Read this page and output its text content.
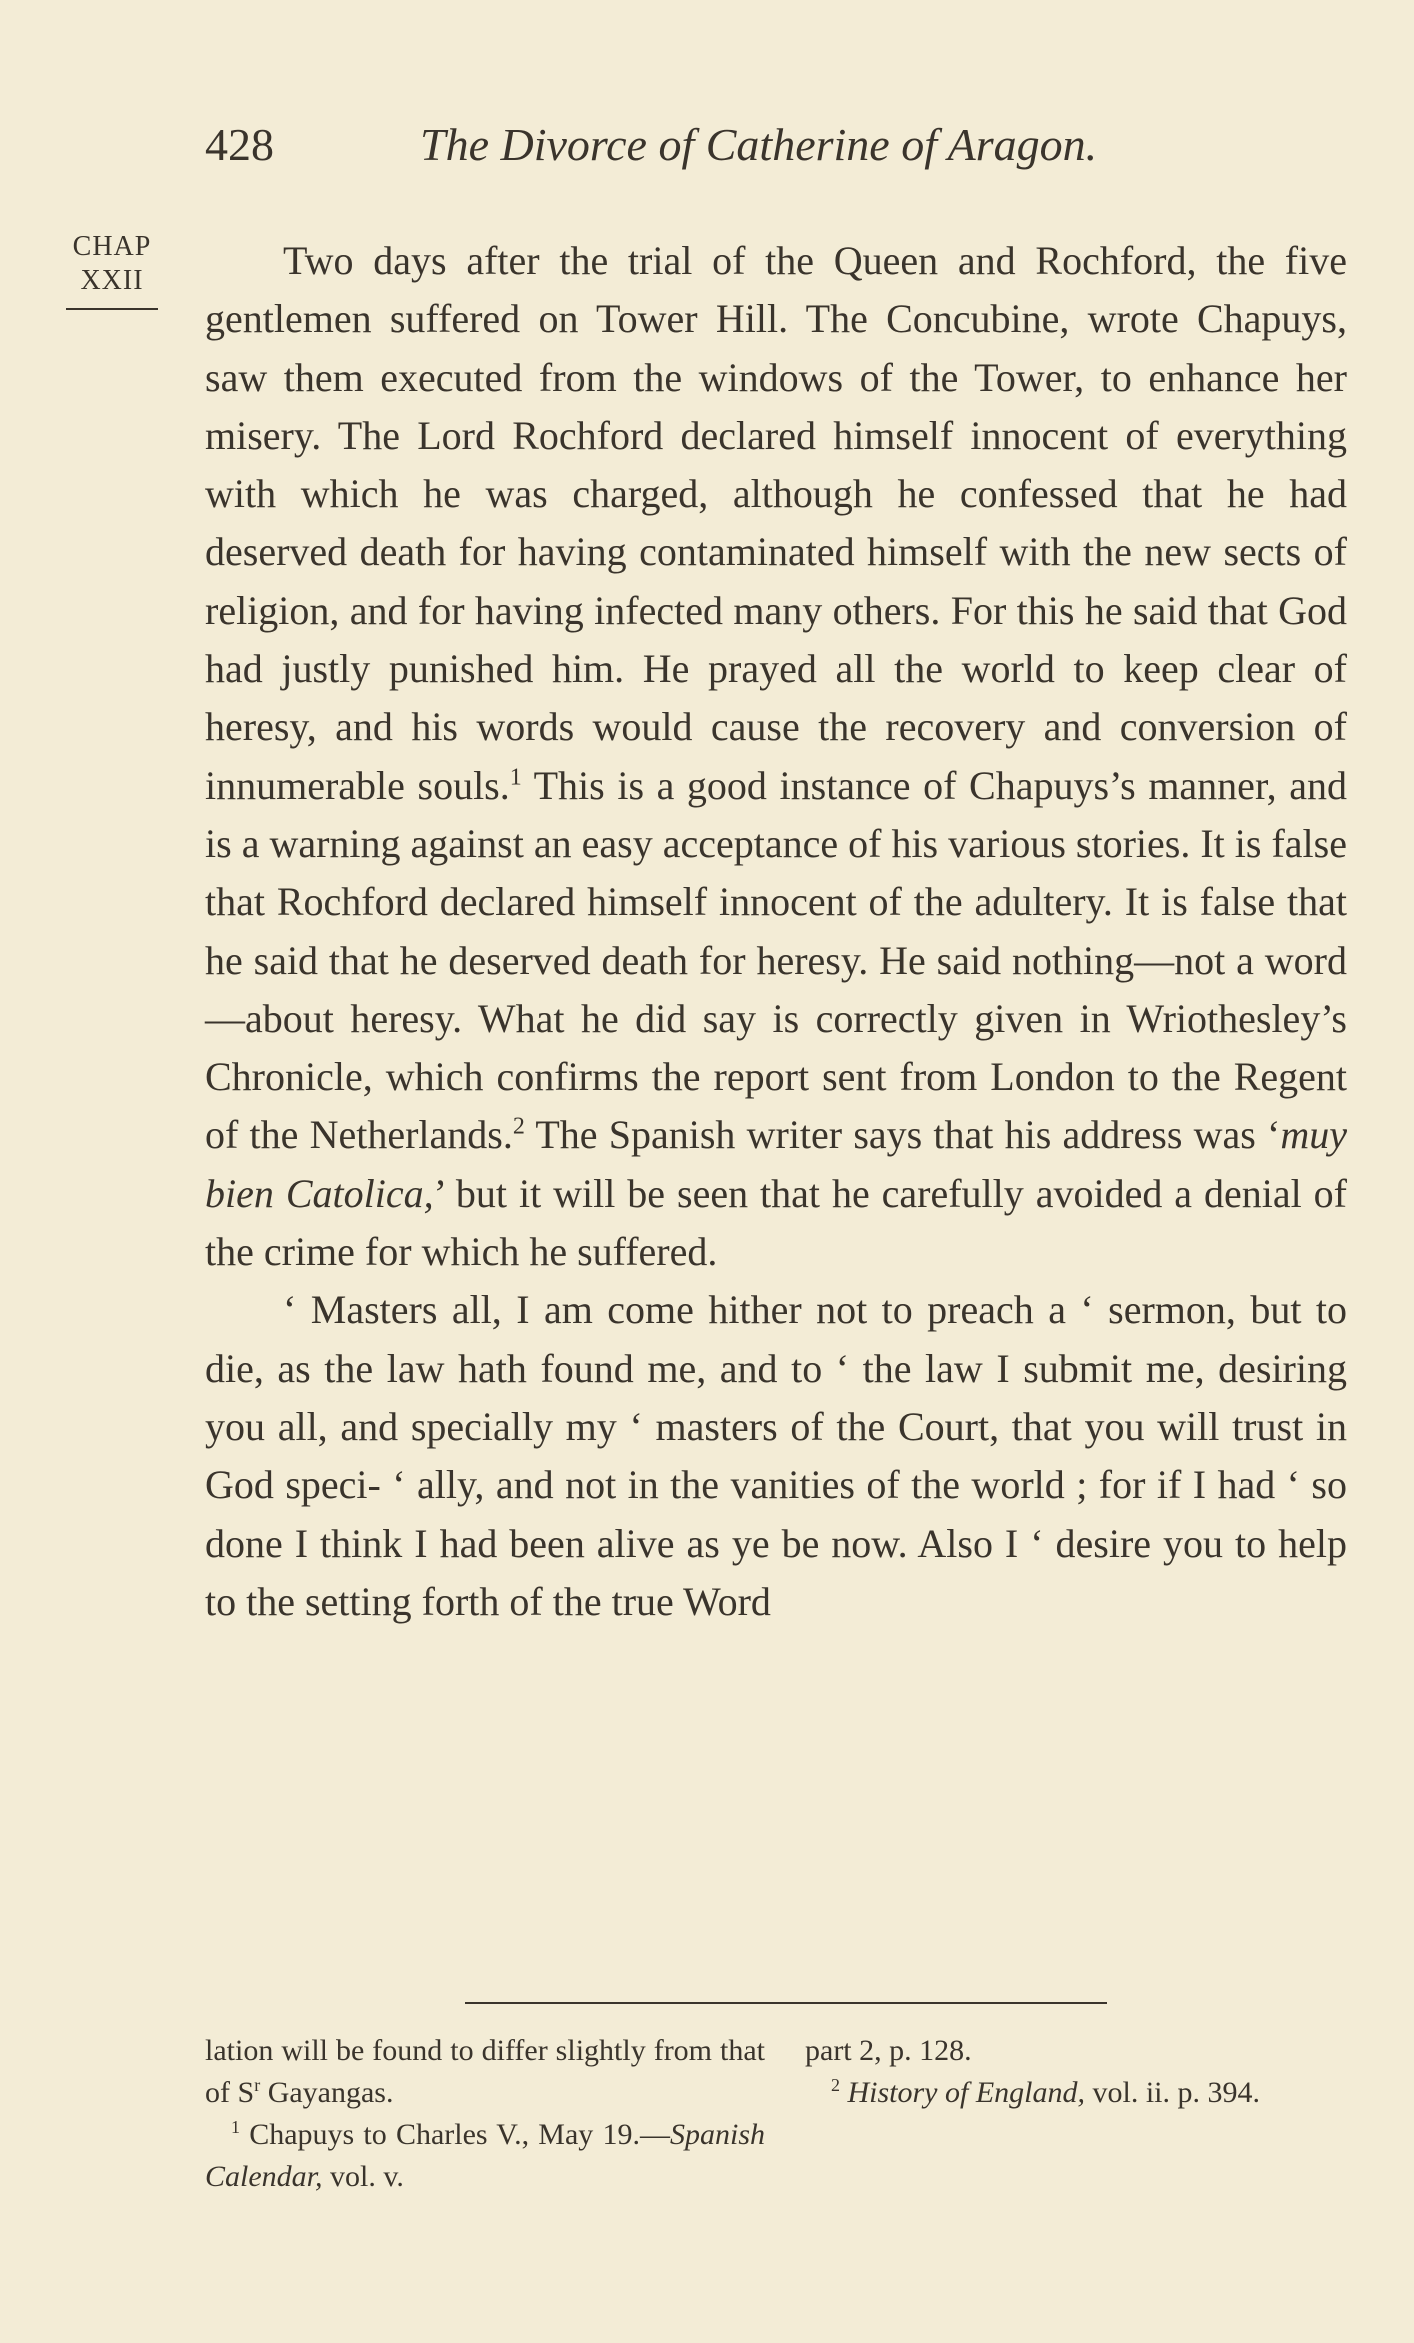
428	The Divorce of Catherine of Aragon.
CHAP
XXII	Two days after the trial of the Queen and Rochford, the five gentlemen suffered on Tower Hill. The Concubine, wrote Chapuys, saw them executed from the windows of the Tower, to enhance her misery. The Lord Rochford declared himself innocent of everything with which he was charged, although he confessed that he had deserved death for having contaminated himself with the new sects of religion, and for having infected many others. For this he said that God had justly punished him. He prayed all the world to keep clear of heresy, and his words would cause the recovery and conversion of innumerable souls.$^1$ This is a good instance of Chapuys’s manner, and is a warning against an easy acceptance of his various stories. It is false that Rochford declared himself innocent of the adultery. It is false that he said that he deserved death for heresy. He said nothing—not a word—about heresy. What he did say is correctly given in Wriothesley’s Chronicle, which confirms the report sent from London to the Regent of the Netherlands.$^2$ The Spanish writer says that his address was ‘muy bien Catolica,’ but it will be seen that he carefully avoided a denial of the crime for which he suffered.

‘ Masters all, I am come hither not to preach a ‘ sermon, but to die, as the law hath found me, and to ‘ the law I submit me, desiring you all, and specially my ‘ masters of the Court, that you will trust in God speci- ‘ ally, and not in the vanities of the world ; for if I had ‘ so done I think I had been alive as ye be now. Also I ‘ desire you to help to the setting forth of the true Word

lation will be found to differ slightly from that of $S^r$ Gayangas.

$^1$ Chapuys to Charles V., May 19.—Spanish Calendar, vol. v.

part 2, p. 128.

$^2$ History of England, vol. ii. p. 394.
